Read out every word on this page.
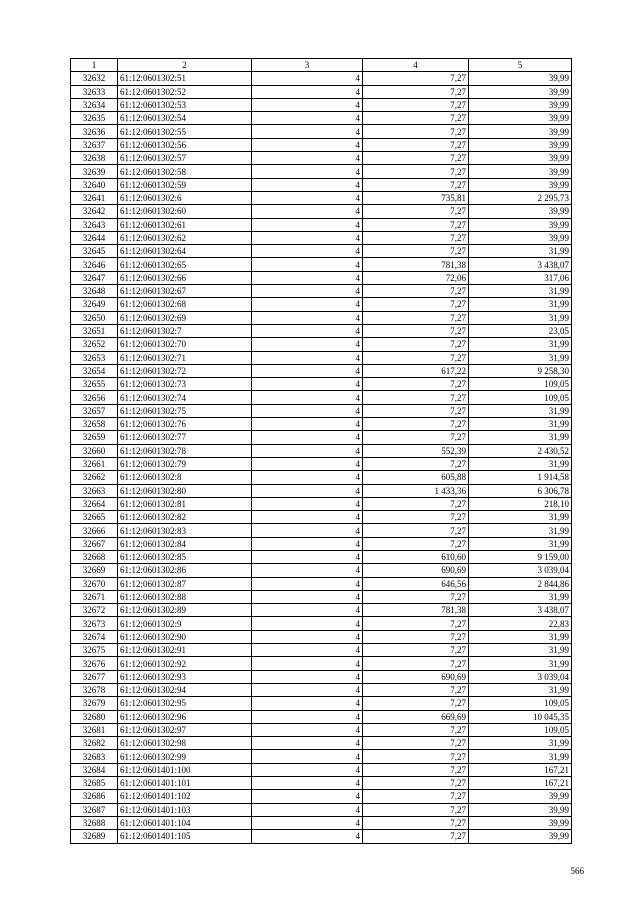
1	2	3	4	5
32632	61:12:0601302:51	4	7,27	39,99
32633	61:12:0601302:52	4	7,27	39,99
32634	61:12:0601302:53	4	7,27	39,99
32635	61:12:0601302:54	4	7,27	39,99
32636	61:12:0601302:55	4	7,27	39,99
32637	61:12:0601302:56	4	7,27	39,99
32638	61:12:0601302:57	4	7,27	39,99
32639	61:12:0601302:58	4	7,27	39,99
32640	61:12:0601302:59	4	7,27	39,99
32641	61:12:0601302:6	4	735,81	2 295,73
32642	61:12:0601302:60	4	7,27	39,99
32643	61:12:0601302:61	4	7,27	39,99
32644	61:12:0601302:62	4	7,27	39,99
32645	61:12:0601302:64	4	7,27	31,99
32646	61:12:0601302:65	4	781,38	3 438,07
32647	61:12:0601302:66	4	72,06	317,06
32648	61:12:0601302:67	4	7,27	31,99
32649	61:12:0601302:68	4	7,27	31,99
32650	61:12:0601302:69	4	7,27	31,99
32651	61:12:0601302:7	4	7,27	23,05
32652	61:12:0601302:70	4	7,27	31,99
32653	61:12:0601302:71	4	7,27	31,99
32654	61:12:0601302:72	4	617,22	9 258,30
32655	61:12:0601302:73	4	7,27	109,05
32656	61:12:0601302:74	4	7,27	109,05
32657	61:12:0601302:75	4	7,27	31,99
32658	61:12:0601302:76	4	7,27	31,99
32659	61:12:0601302:77	4	7,27	31,99
32660	61:12:0601302:78	4	552,39	2 430,52
32661	61:12:0601302:79	4	7,27	31,99
32662	61:12:0601302:8	4	605,88	1 914,58
32663	61:12:0601302:80	4	1 433,36	6 306,78
32664	61:12:0601302:81	4	7,27	218,10
32665	61:12:0601302:82	4	7,27	31,99
32666	61:12:0601302:83	4	7,27	31,99
32667	61:12:0601302:84	4	7,27	31,99
32668	61:12:0601302:85	4	610,60	9 159,00
32669	61:12:0601302:86	4	690,69	3 039,04
32670	61:12:0601302:87	4	646,56	2 844,86
32671	61:12:0601302:88	4	7,27	31,99
32672	61:12:0601302:89	4	781,38	3 438,07
32673	61:12:0601302:9	4	7,27	22,83
32674	61:12:0601302:90	4	7,27	31,99
32675	61:12:0601302:91	4	7,27	31,99
32676	61:12:0601302:92	4	7,27	31,99
32677	61:12:0601302:93	4	690,69	3 039,04
32678	61:12:0601302:94	4	7,27	31,99
32679	61:12:0601302:95	4	7,27	109,05
32680	61:12:0601302:96	4	669,69	10 045,35
32681	61:12:0601302:97	4	7,27	109,05
32682	61:12:0601302:98	4	7,27	31,99
32683	61:12:0601302:99	4	7,27	31,99
32684	61:12:0601401:100	4	7,27	167,21
32685	61:12:0601401:101	4	7,27	167,21
32686	61:12:0601401:102	4	7,27	39,99
32687	61:12:0601401:103	4	7,27	39,99
32688	61:12:0601401:104	4	7,27	39,99
32689	61:12:0601401:105	4	7,27	39,99
566
